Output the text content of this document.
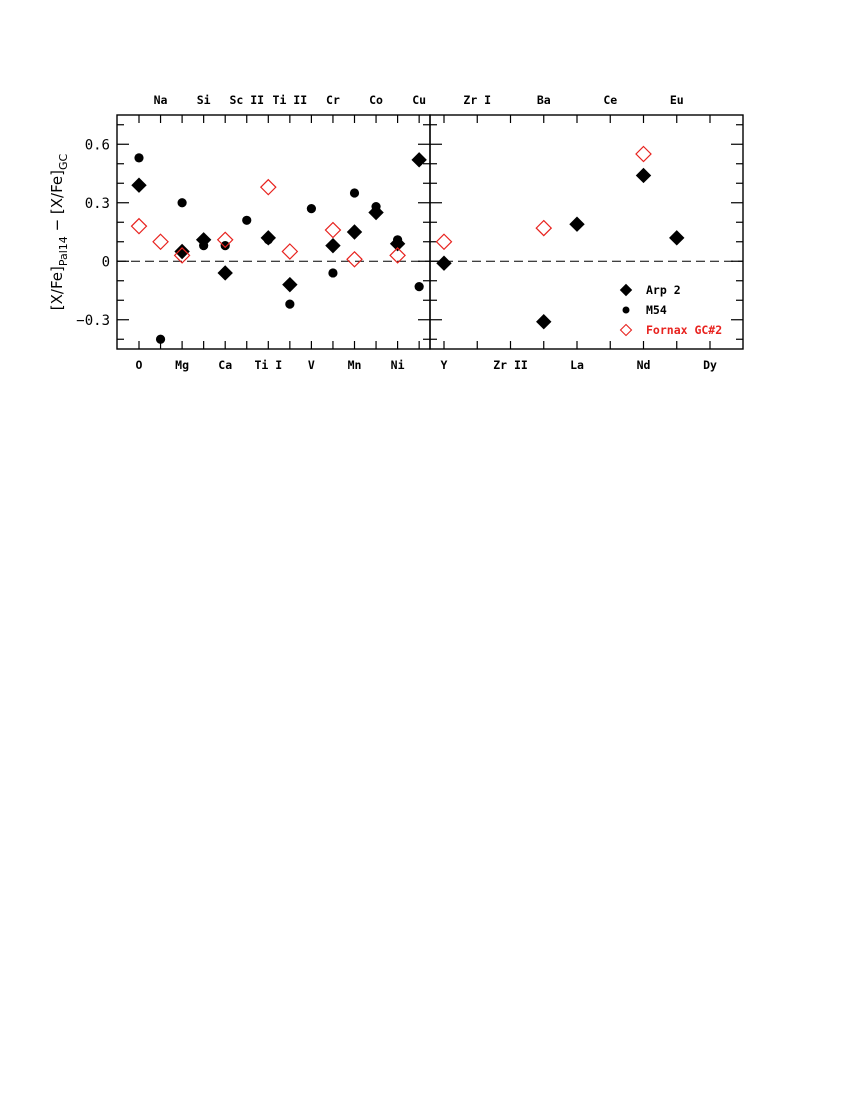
$[X/Fe]_{Pal14} - [X/Fe]_{GC}$
O	Mg	Ca Ti I V	Mn	Ni
Na	Si Sc II Ti II Cr	Co	Cu
−0.3
0
0.3
0.6
Y	Zr II	La	Nd	Dy
Zr I	Ba	Ce	Eu
Arp 2
M54
Fornax GC#2
